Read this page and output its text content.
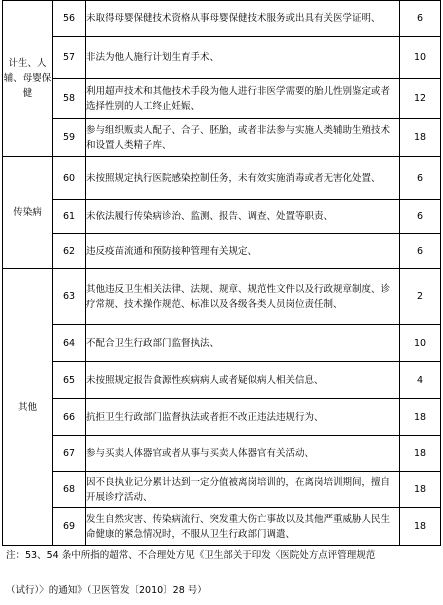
计生、人辅、母婴保健	56	未取得母婴保健技术资格从事母婴保健技术服务或出具有关医学证明、	6
	57	非法为他人施行计划生育手术、	10
	58	利用超声技术和其他技术手段为他人进行非医学需要的胎儿性别鉴定或者选择性别的人工终止妊娠、	12
	59	参与组织贩卖人配子、合子、胚胎，或者非法参与实施人类辅助生殖技术和设置人类精子库、	18
传染病	60	未按照规定执行医院感染控制任务，未有效实施消毒或者无害化处置、	6
	61	未依法履行传染病诊治、监测、报告、调查、处置等职责、	6
	62	违反疫苗流通和预防接种管理有关规定、	6
其他	63	其他违反卫生相关法律、法规、规章、规范性文件以及行政规章制度、诊疗常规、技术操作规范、标准以及各级各类人员岗位责任制、	2
	64	不配合卫生行政部门监督执法、	10
	65	未按照规定报告食源性疾病病人或者疑似病人相关信息、	4
	66	抗拒卫生行政部门监督执法或者拒不改正违法违规行为、	18
	67	参与买卖人体器官或者从事与买卖人体器官有关活动、	18
	68	因不良执业记分累计达到一定分值被离岗培训的，在离岗培训期间，擅自开展诊疗活动、	18
	69	发生自然灾害、传染病流行、突发重大伤亡事故以及其他严重威胁人民生命健康的紧急情况时，不服从卫生行政部门调遣、	18
注：53、54 条中所指的超常、不合理处方见《卫生部关于印发〈医院处方点评管理规范
（试行）〉的通知》（卫医管发〔2010〕28 号）
